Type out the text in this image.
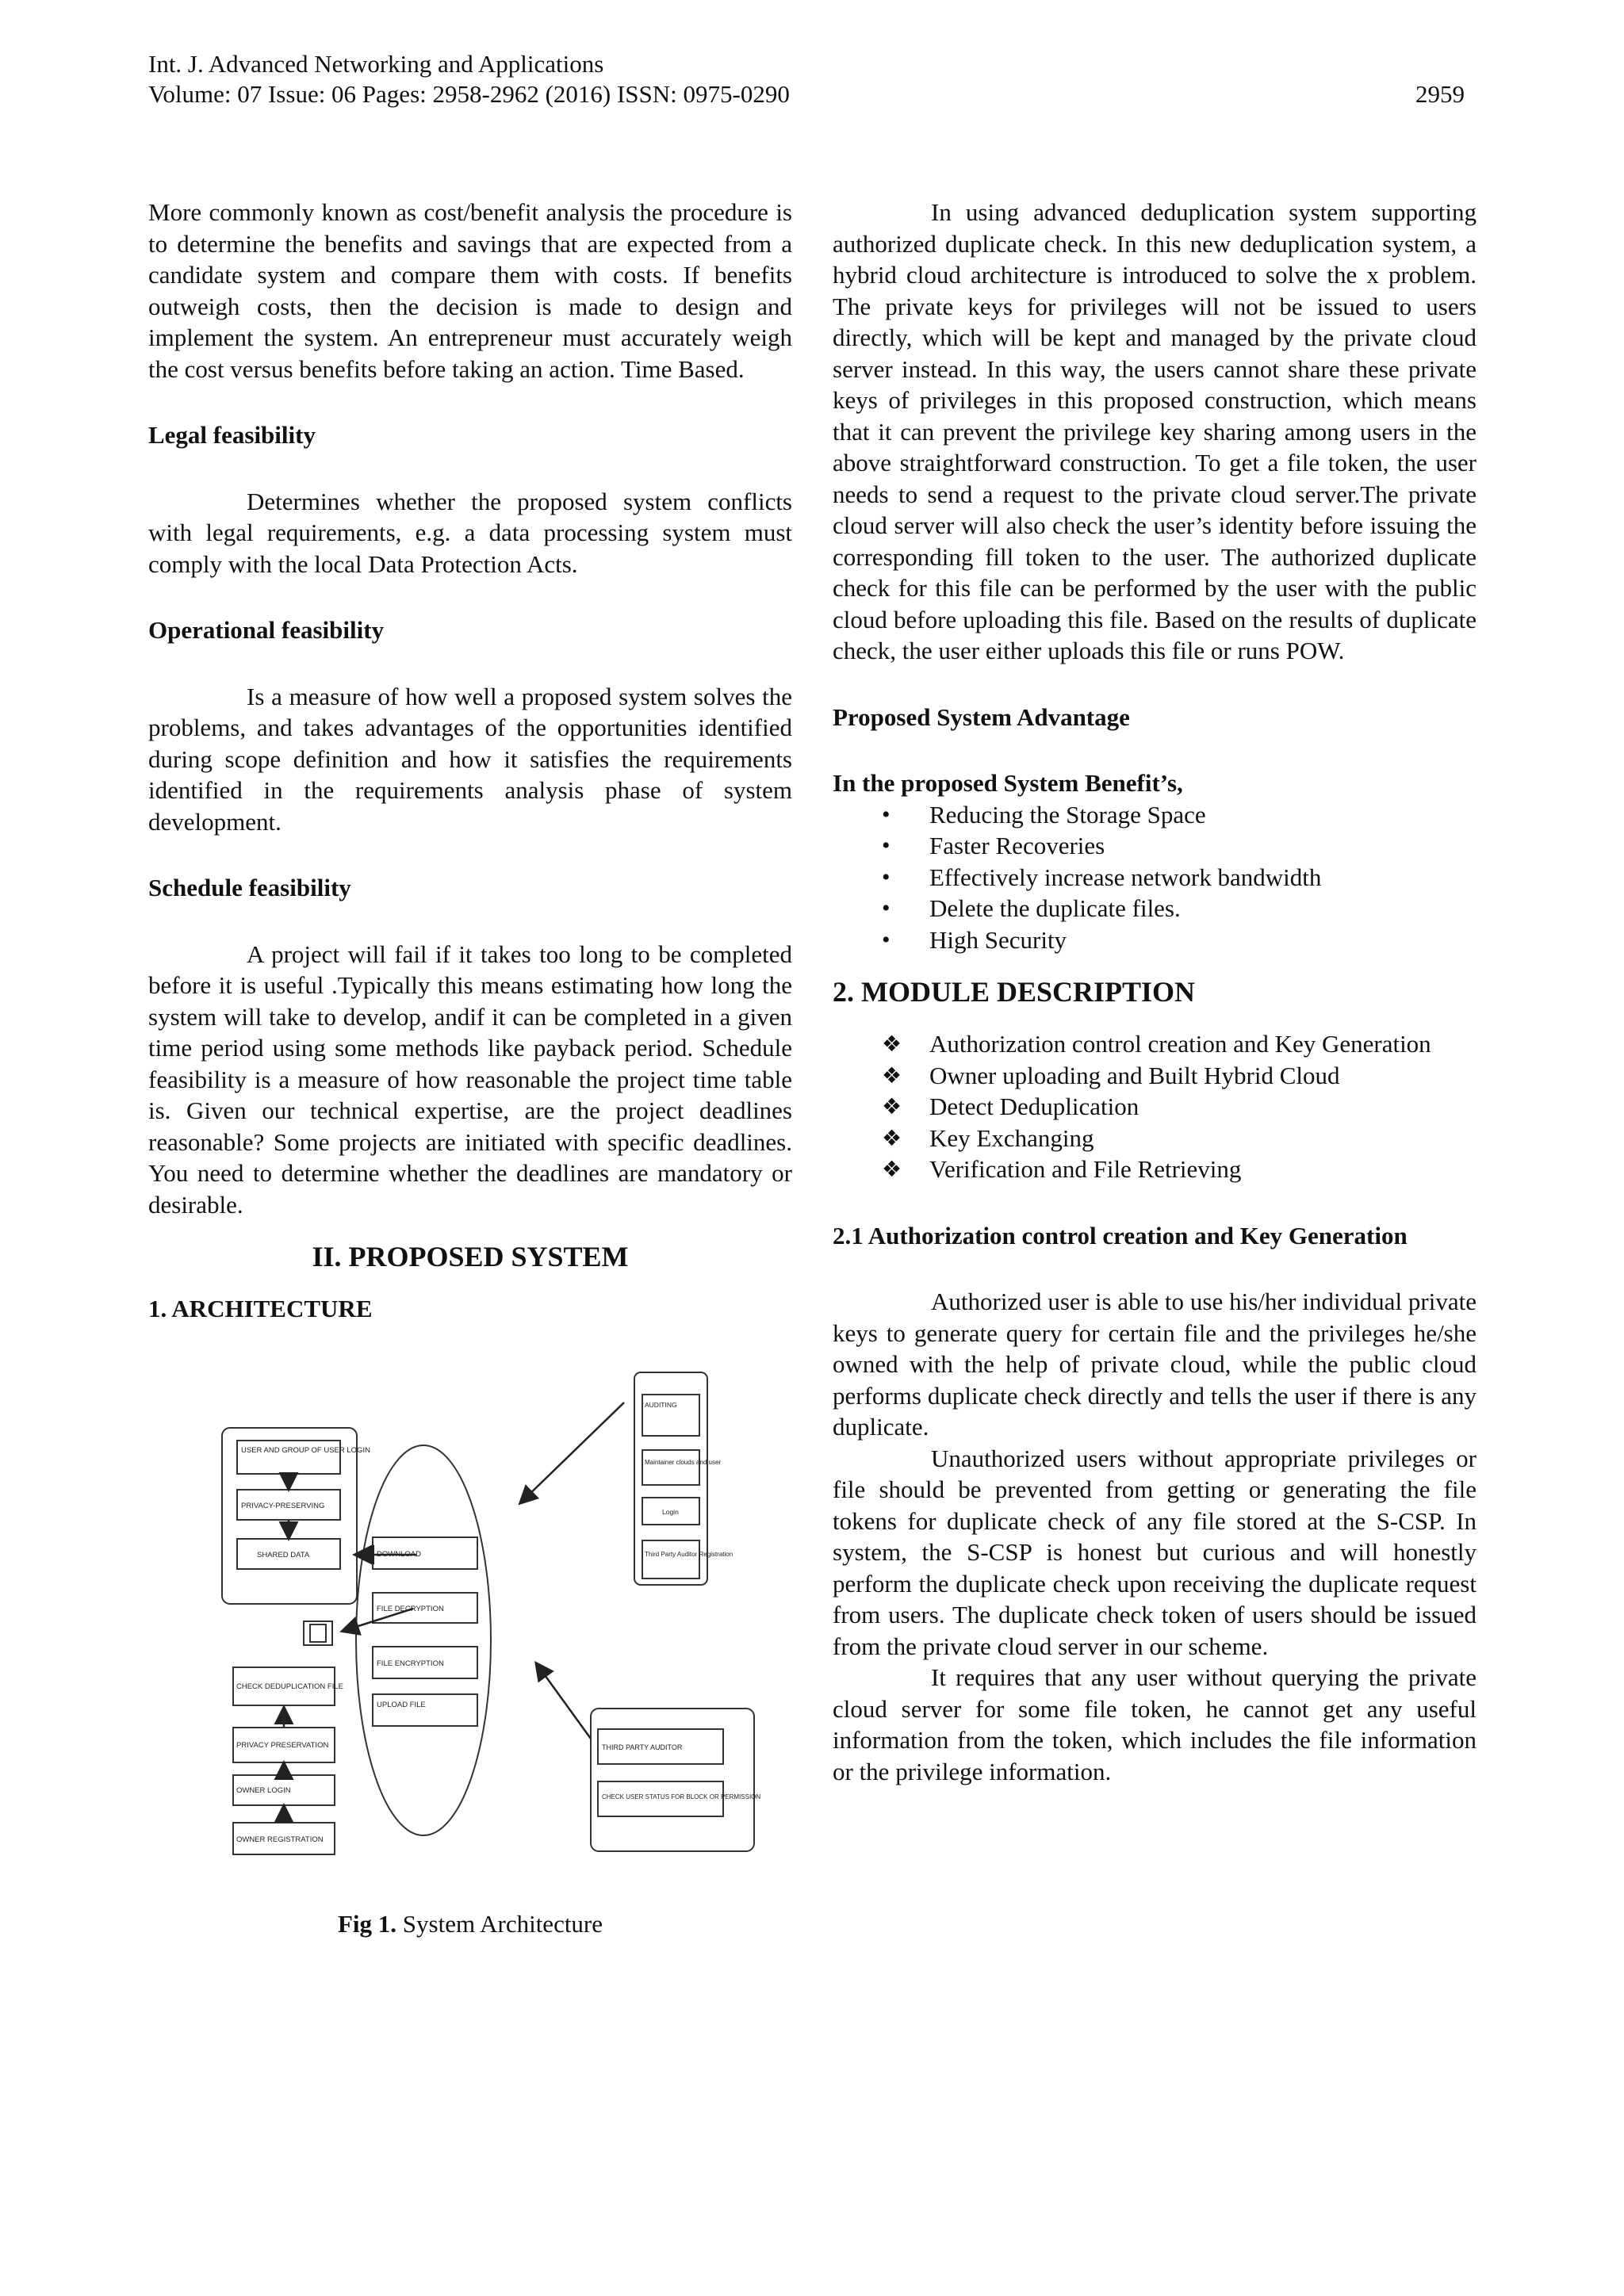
Int. J. Advanced Networking and Applications
Volume: 07 Issue: 06 Pages: 2958-2962 (2016) ISSN: 0975-0290	2959

More commonly known as cost/benefit analysis the procedure is to determine the benefits and savings that are expected from a candidate system and compare them with costs. If benefits outweigh costs, then the decision is made to design and implement the system. An entrepreneur must accurately weigh the cost versus benefits before taking an action. Time Based.

Legal feasibility

Determines whether the proposed system conflicts with legal requirements, e.g. a data processing system must comply with the local Data Protection Acts.

Operational feasibility

Is a measure of how well a proposed system solves the problems, and takes advantages of the opportunities identified during scope definition and how it satisfies the requirements identified in the requirements analysis phase of system development.

Schedule feasibility

A project will fail if it takes too long to be completed before it is useful .Typically this means estimating how long the system will take to develop, andif it can be completed in a given time period using some methods like payback period. Schedule feasibility is a measure of how reasonable the project time table is. Given our technical expertise, are the project deadlines reasonable? Some projects are initiated with specific deadlines. You need to determine whether the deadlines are mandatory or desirable.

II. PROPOSED SYSTEM
1. ARCHITECTURE
USER AND GROUP OF USER LOGIN
PRIVACY-PRESERVING
SHARED DATA
CHECK DEDUPLICATION FILE
PRIVACY PRESERVATION
OWNER LOGIN
OWNER REGISTRATION
DOWNLOAD
FILE DECRYPTION
FILE ENCRYPTION
UPLOAD FILE
AUDITING
Maintainer clouds and user
Login
Third Party Auditor Registration
THIRD PARTY AUDITOR
CHECK USER STATUS FOR BLOCK OR PERMISSION

Fig 1. System Architecture

In using advanced deduplication system supporting authorized duplicate check. In this new deduplication system, a hybrid cloud architecture is introduced to solve the x problem. The private keys for privileges will not be issued to users directly, which will be kept and managed by the private cloud server instead. In this way, the users cannot share these private keys of privileges in this proposed construction, which means that it can prevent the privilege key sharing among users in the above straightforward construction. To get a file token, the user needs to send a request to the private cloud server.The private cloud server will also check the user’s identity before issuing the corresponding fill token to the user. The authorized duplicate check for this file can be performed by the user with the public cloud before uploading this file. Based on the results of duplicate check, the user either uploads this file or runs POW.

Proposed System Advantage
In the proposed System Benefit’s,
• Reducing the Storage Space
• Faster Recoveries
• Effectively increase network bandwidth
• Delete the duplicate files.
• High Security
2. MODULE DESCRIPTION
❖ Authorization control creation and Key Generation
❖ Owner uploading and Built Hybrid Cloud
❖ Detect Deduplication
❖ Key Exchanging
❖ Verification and File Retrieving
2.1 Authorization control creation and Key Generation

Authorized user is able to use his/her individual private keys to generate query for certain file and the privileges he/she owned with the help of private cloud, while the public cloud performs duplicate check directly and tells the user if there is any duplicate.

Unauthorized users without appropriate privileges or file should be prevented from getting or generating the file tokens for duplicate check of any file stored at the S-CSP. In system, the S-CSP is honest but curious and will honestly perform the duplicate check upon receiving the duplicate request from users. The duplicate check token of users should be issued from the private cloud server in our scheme.

It requires that any user without querying the private cloud server for some file token, he cannot get any useful information from the token, which includes the file information or the privilege information.
